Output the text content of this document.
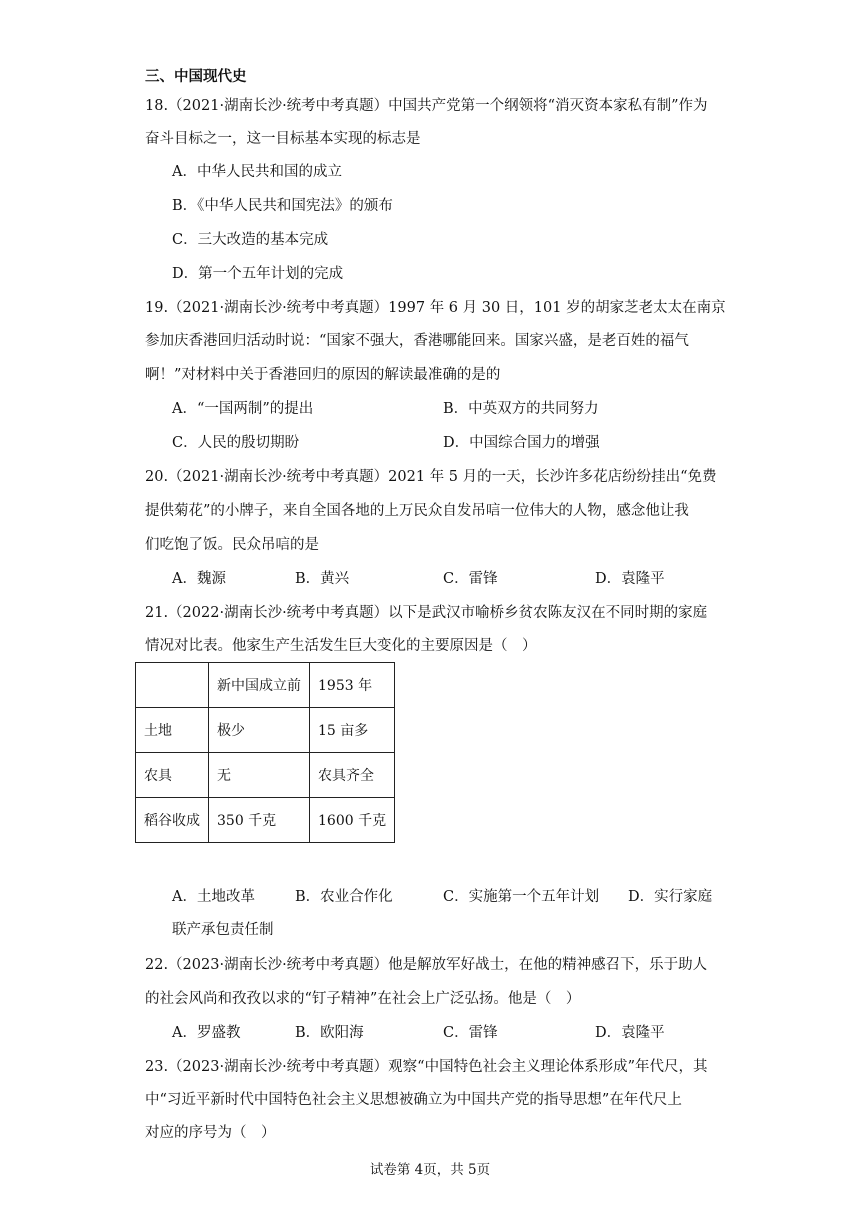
三、中国现代史
18.（2021·湖南长沙·统考中考真题）中国共产党第一个纲领将“消灭资本家私有制”作为
奋斗目标之一，这一目标基本实现的标志是
A．中华人民共和国的成立
B．《中华人民共和国宪法》的颁布
C．三大改造的基本完成
D．第一个五年计划的完成
19.（2021·湖南长沙·统考中考真题）1997 年 6 月 30 日，101 岁的胡家芝老太太在南京
参加庆香港回归活动时说：“国家不强大，香港哪能回来。国家兴盛，是老百姓的福气
啊！”对材料中关于香港回归的原因的解读最准确的是的
A．“一国两制”的提出	B．中英双方的共同努力
C．人民的殷切期盼	D．中国综合国力的增强
20.（2021·湖南长沙·统考中考真题）2021 年 5 月的一天，长沙许多花店纷纷挂出“免费
提供菊花”的小牌子，来自全国各地的上万民众自发吊唁一位伟大的人物，感念他让我
们吃饱了饭。民众吊唁的是
A．魏源	B．黄兴	C．雷锋	D．袁隆平
21.（2022·湖南长沙·统考中考真题）以下是武汉市喻桥乡贫农陈友汉在不同时期的家庭
情况对比表。他家生产生活发生巨大变化的主要原因是（　）
	新中国成立前	1953 年
土地	极少	15 亩多
农具	无	农具齐全
稻谷收成	350 千克	1600 千克
A．土地改革	B．农业合作化	C．实施第一个五年计划 D．实行家庭
联产承包责任制
22.（2023·湖南长沙·统考中考真题）他是解放军好战士，在他的精神感召下，乐于助人
的社会风尚和孜孜以求的“钉子精神”在社会上广泛弘扬。他是（　）
A．罗盛教	B．欧阳海	C．雷锋	D．袁隆平
23.（2023·湖南长沙·统考中考真题）观察“中国特色社会主义理论体系形成”年代尺，其
中“习近平新时代中国特色社会主义思想被确立为中国共产党的指导思想”在年代尺上
对应的序号为（　）
试卷第 4页，共 5页
